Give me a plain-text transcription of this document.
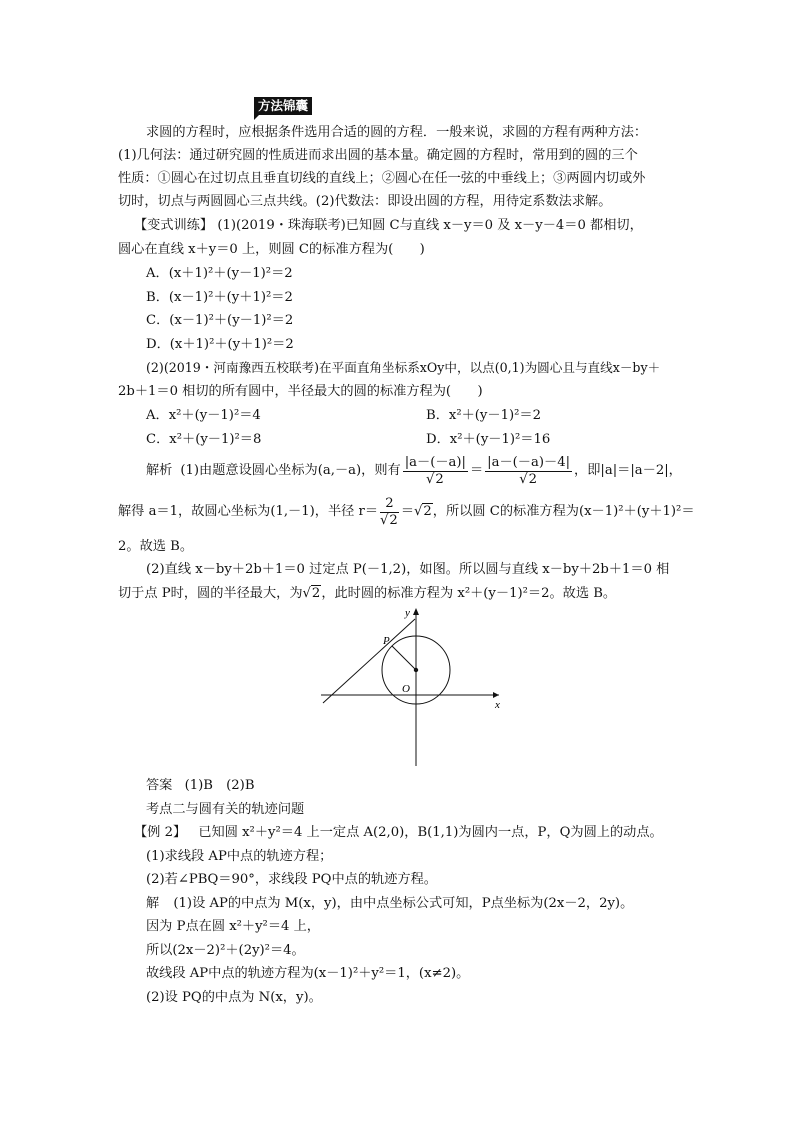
方法锦囊
求圆的方程时，应根据条件选用合适的圆的方程．一般来说，求圆的方程有两种方法：
(1)几何法：通过研究圆的性质进而求出圆的基本量。确定圆的方程时，常用到的圆的三个
性质：①圆心在过切点且垂直切线的直线上；②圆心在任一弦的中垂线上；③两圆内切或外
切时，切点与两圆圆心三点共线。(2)代数法：即设出圆的方程，用待定系数法求解。
【变式训练】 (1)(2019・珠海联考)已知圆 C与直线 x－y＝0 及 x－y－4＝0 都相切，
圆心在直线 x＋y＝0 上，则圆 C的标准方程为(　　)
A．(x＋1)²＋(y－1)²＝2
B．(x－1)²＋(y＋1)²＝2
C．(x－1)²＋(y－1)²＝2
D．(x＋1)²＋(y＋1)²＝2
(2)(2019・河南豫西五校联考)在平面直角坐标系xOy中，以点(0,1)为圆心且与直线x－by＋
2b＋1＝0 相切的所有圆中，半径最大的圆的标准方程为(　　)
A．x²＋(y－1)²＝4	B．x²＋(y－1)²＝2
C．x²＋(y－1)²＝8	D．x²＋(y－1)²＝16
解析 (1)由题意设圆心坐标为(a,－a)，则有 $\frac{|a-(-a)|}{√2} = \frac{|a-(-a)-4|}{√2}$ ，即|a|＝|a－2|，
解得 a＝1，故圆心坐标为(1,－1)，半径 $r= \frac{2}{√2} = √2$ ，所以圆 C的标准方程为(x－1)²＋(y＋1)²＝
2。故选 B。
(2)直线 x－by＋2b＋1＝0 过定点 P(－1,2)，如图。所以圆与直线 x－by＋2b＋1＝0 相
切于点 P时，圆的半径最大，为√2，此时圆的标准方程为 x²＋(y－1)²＝2。故选 B。
y
x
P
O
答案 (1)B　(2)B
考点二与圆有关的轨迹问题
【例 2】 已知圆 x²＋y²＝4 上一定点 A(2,0)，B(1,1)为圆内一点，P，Q为圆上的动点。
(1)求线段 AP中点的轨迹方程；
(2)若∠PBQ＝90°，求线段 PQ中点的轨迹方程。
解 (1)设 AP的中点为 M(x，y)，由中点坐标公式可知，P点坐标为(2x－2，2y)。
因为 P点在圆 x²＋y²＝4 上，
所以(2x－2)²＋(2y)²＝4。
故线段 AP中点的轨迹方程为(x－1)²＋y²＝1，(x≠2)。
(2)设 PQ的中点为 N(x，y)。
